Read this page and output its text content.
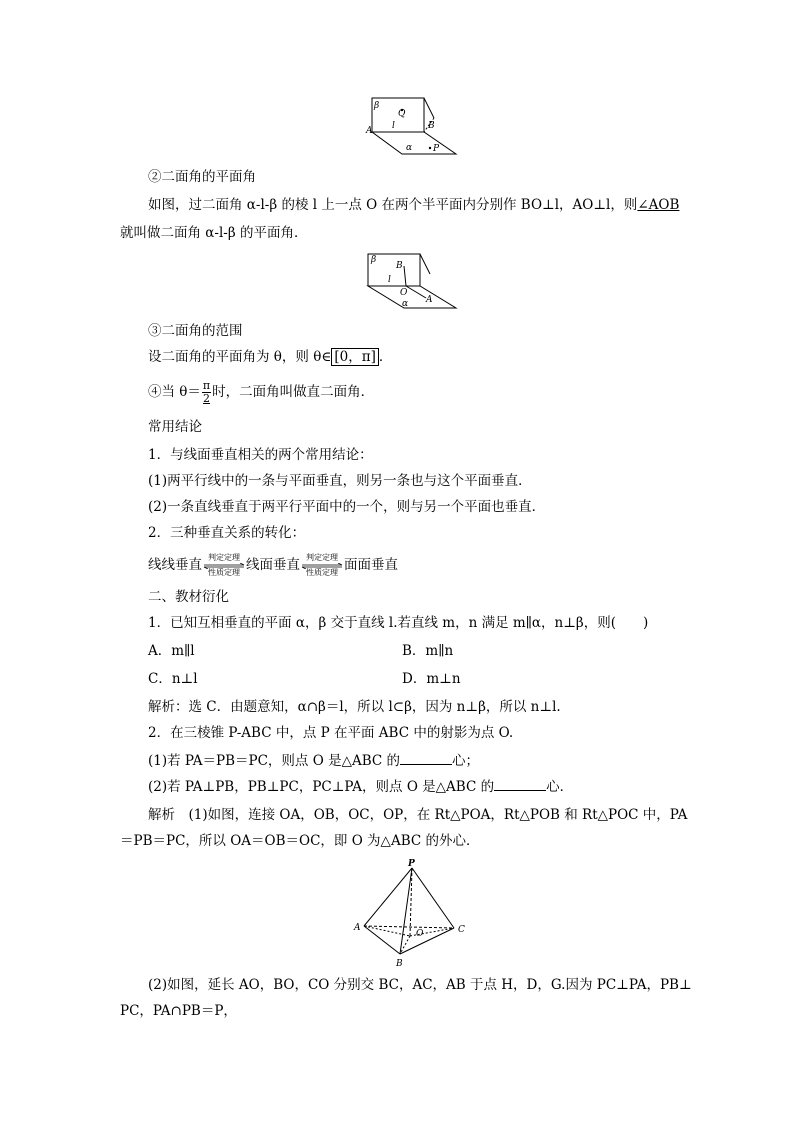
β
Q
A l	B
α P
②二面角的平面角
如图，过二面角 α-l-β 的棱 l 上一点 O 在两个半平面内分别作 BO⊥l，AO⊥l，则∠AOB
就叫做二面角 α-l-β 的平面角．
β
B
l
O
α A
③二面角的范围
设二面角的平面角为 θ，则 θ∈ [0，π] ．
④当 $\theta= \frac{\pi}{2}$ 时，二面角叫做直二面角．
常用结论
1．与线面垂直相关的两个常用结论：
(1)两平行线中的一条与平面垂直，则另一条也与这个平面垂直．
(2)一条直线垂直于两平行平面中的一个，则与另一个平面也垂直．
2．三种垂直关系的转化：
线线垂直 判定定理
性质定理 线面垂直 判定定理
性质定理 面面垂直
二、教材衍化
1．已知互相垂直的平面 α，β 交于直线 l.若直线 m，n 满足 m∥α，n⊥β，则(　　)
A．m∥l	B．m∥n
C．n⊥l	D．m⊥n
解析：选 C．由题意知，α∩β＝l，所以 l⊂β，因为 n⊥β，所以 n⊥l.
2．在三棱锥 P-ABC 中，点 P 在平面 ABC 中的射影为点 O.
(1)若 PA＝PB＝PC，则点 O 是△ABC 的	心；
(2)若 PA⊥PB，PB⊥PC，PC⊥PA，则点 O 是△ABC 的	心．
解析　(1)如图，连接 OA，OB，OC，OP，在 Rt△POA，Rt△POB 和 Rt△POC 中，PA
＝PB＝PC，所以 OA＝OB＝OC，即 O 为△ABC 的外心．
P
A
O	C
B
(2)如图，延长 AO，BO，CO 分别交 BC，AC，AB 于点 H，D，G.因为 PC⊥PA，PB⊥
PC，PA∩PB＝P，
